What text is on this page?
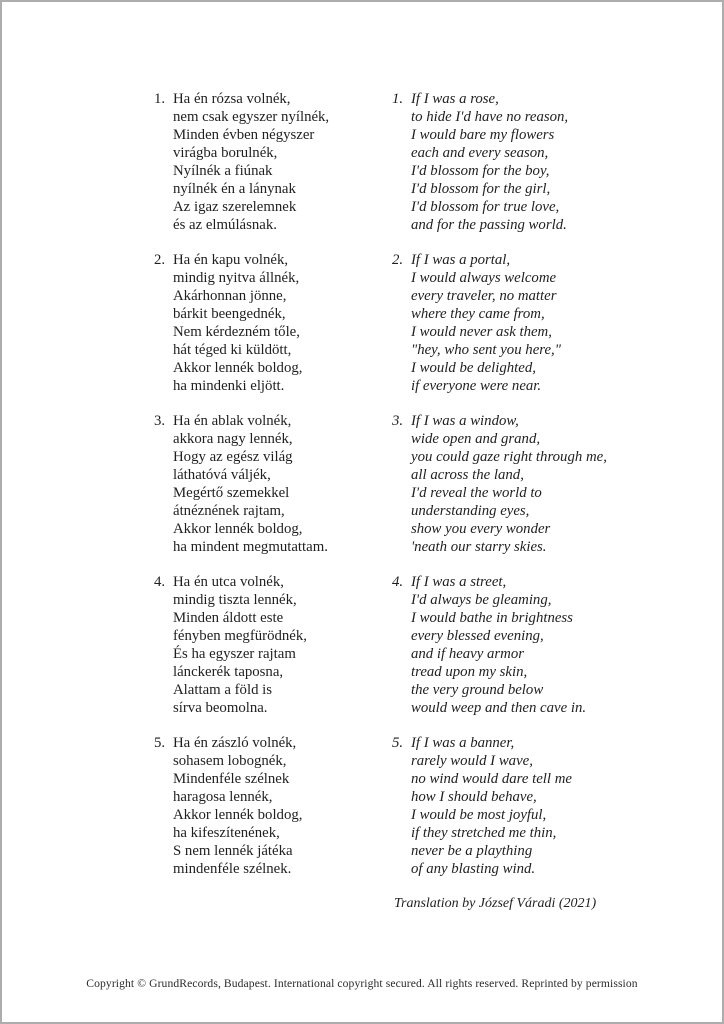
1. Ha én rózsa volnék,
nem csak egyszer nyílnék,
Minden évben négyszer
virágba borulnék,
Nyílnék a fiúnak
nyílnék én a lánynak
Az igaz szerelemnek
és az elmúlásnak.
2. Ha én kapu volnék,
mindig nyitva állnék,
Akárhonnan jönne,
bárkit beengednék,
Nem kérdezném tőle,
hát téged ki küldött,
Akkor lennék boldog,
ha mindenki eljött.
3. Ha én ablak volnék,
akkora nagy lennék,
Hogy az egész világ
láthatóvá váljék,
Megértő szemekkel
átnéznének rajtam,
Akkor lennék boldog,
ha mindent megmutattam.
4. Ha én utca volnék,
mindig tiszta lennék,
Minden áldott este
fényben megfürödnék,
És ha egyszer rajtam
lánckerék taposna,
Alattam a föld is
sírva beomolna.
5. Ha én zászló volnék,
sohasem lobognék,
Mindenféle szélnek
haragosa lennék,
Akkor lennék boldog,
ha kifeszítenének,
S nem lennék játéka
mindenféle szélnek.
1. If I was a rose,
to hide I'd have no reason,
I would bare my flowers
each and every season,
I'd blossom for the boy,
I'd blossom for the girl,
I'd blossom for true love,
and for the passing world.
2. If I was a portal,
I would always welcome
every traveler, no matter
where they came from,
I would never ask them,
"hey, who sent you here,"
I would be delighted,
if everyone were near.
3. If I was a window,
wide open and grand,
you could gaze right through me,
all across the land,
I'd reveal the world to
understanding eyes,
show you every wonder
'neath our starry skies.
4. If I was a street,
I'd always be gleaming,
I would bathe in brightness
every blessed evening,
and if heavy armor
tread upon my skin,
the very ground below
would weep and then cave in.
5. If I was a banner,
rarely would I wave,
no wind would dare tell me
how I should behave,
I would be most joyful,
if they stretched me thin,
never be a plaything
of any blasting wind.
Translation by József Váradi (2021)
Copyright © GrundRecords, Budapest. International copyright secured. All rights reserved. Reprinted by permission
